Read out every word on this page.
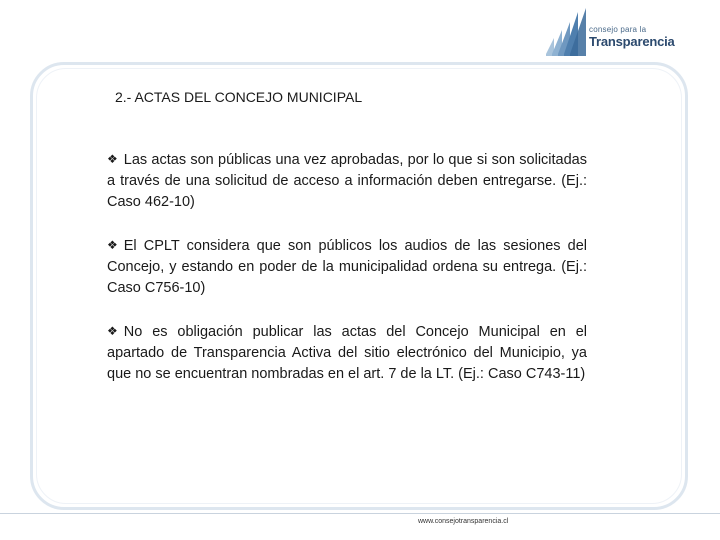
consejo para la
Transparencia
2.- ACTAS DEL CONCEJO MUNICIPAL
❖ Las actas son públicas una vez aprobadas, por lo que si son solicitadas a través de una solicitud de acceso a información deben entregarse. (Ej.: Caso 462-10)
❖ El CPLT considera que son públicos los audios de las sesiones del Concejo, y estando en poder de la municipalidad ordena su entrega. (Ej.: Caso C756-10)
❖ No es obligación publicar las actas del Concejo Municipal en el apartado de Transparencia Activa del sitio electrónico del Municipio, ya que no se encuentran nombradas en el art. 7 de la LT. (Ej.: Caso C743-11)
www.consejotransparencia.cl
